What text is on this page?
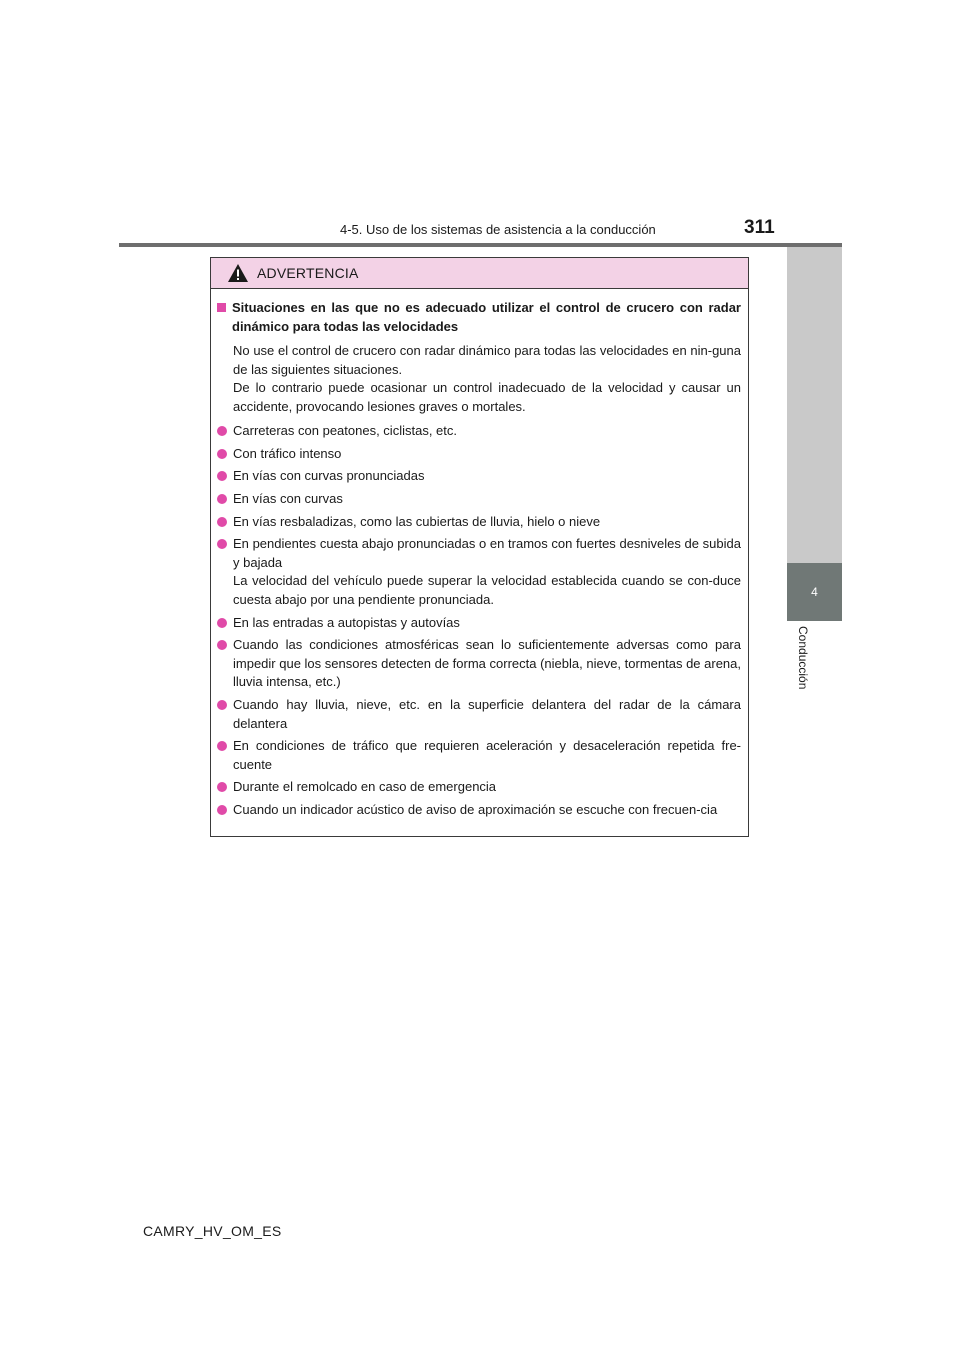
4-5. Uso de los sistemas de asistencia a la conducción	311
4
Conducción
ADVERTENCIA
Situaciones en las que no es adecuado utilizar el control de crucero con radar dinámico para todas las velocidades
No use el control de crucero con radar dinámico para todas las velocidades en nin-guna de las siguientes situaciones.
De lo contrario puede ocasionar un control inadecuado de la velocidad y causar un accidente, provocando lesiones graves o mortales.
Carreteras con peatones, ciclistas, etc.
Con tráfico intenso
En vías con curvas pronunciadas
En vías con curvas
En vías resbaladizas, como las cubiertas de lluvia, hielo o nieve
En pendientes cuesta abajo pronunciadas o en tramos con fuertes desniveles de subida y bajada
La velocidad del vehículo puede superar la velocidad establecida cuando se con-duce cuesta abajo por una pendiente pronunciada.
En las entradas a autopistas y autovías
Cuando las condiciones atmosféricas sean lo suficientemente adversas como para impedir que los sensores detecten de forma correcta (niebla, nieve, tormentas de arena, lluvia intensa, etc.)
Cuando hay lluvia, nieve, etc. en la superficie delantera del radar de la cámara delantera
En condiciones de tráfico que requieren aceleración y desaceleración repetida fre-cuente
Durante el remolcado en caso de emergencia
Cuando un indicador acústico de aviso de aproximación se escuche con frecuen-cia
CAMRY_HV_OM_ES
